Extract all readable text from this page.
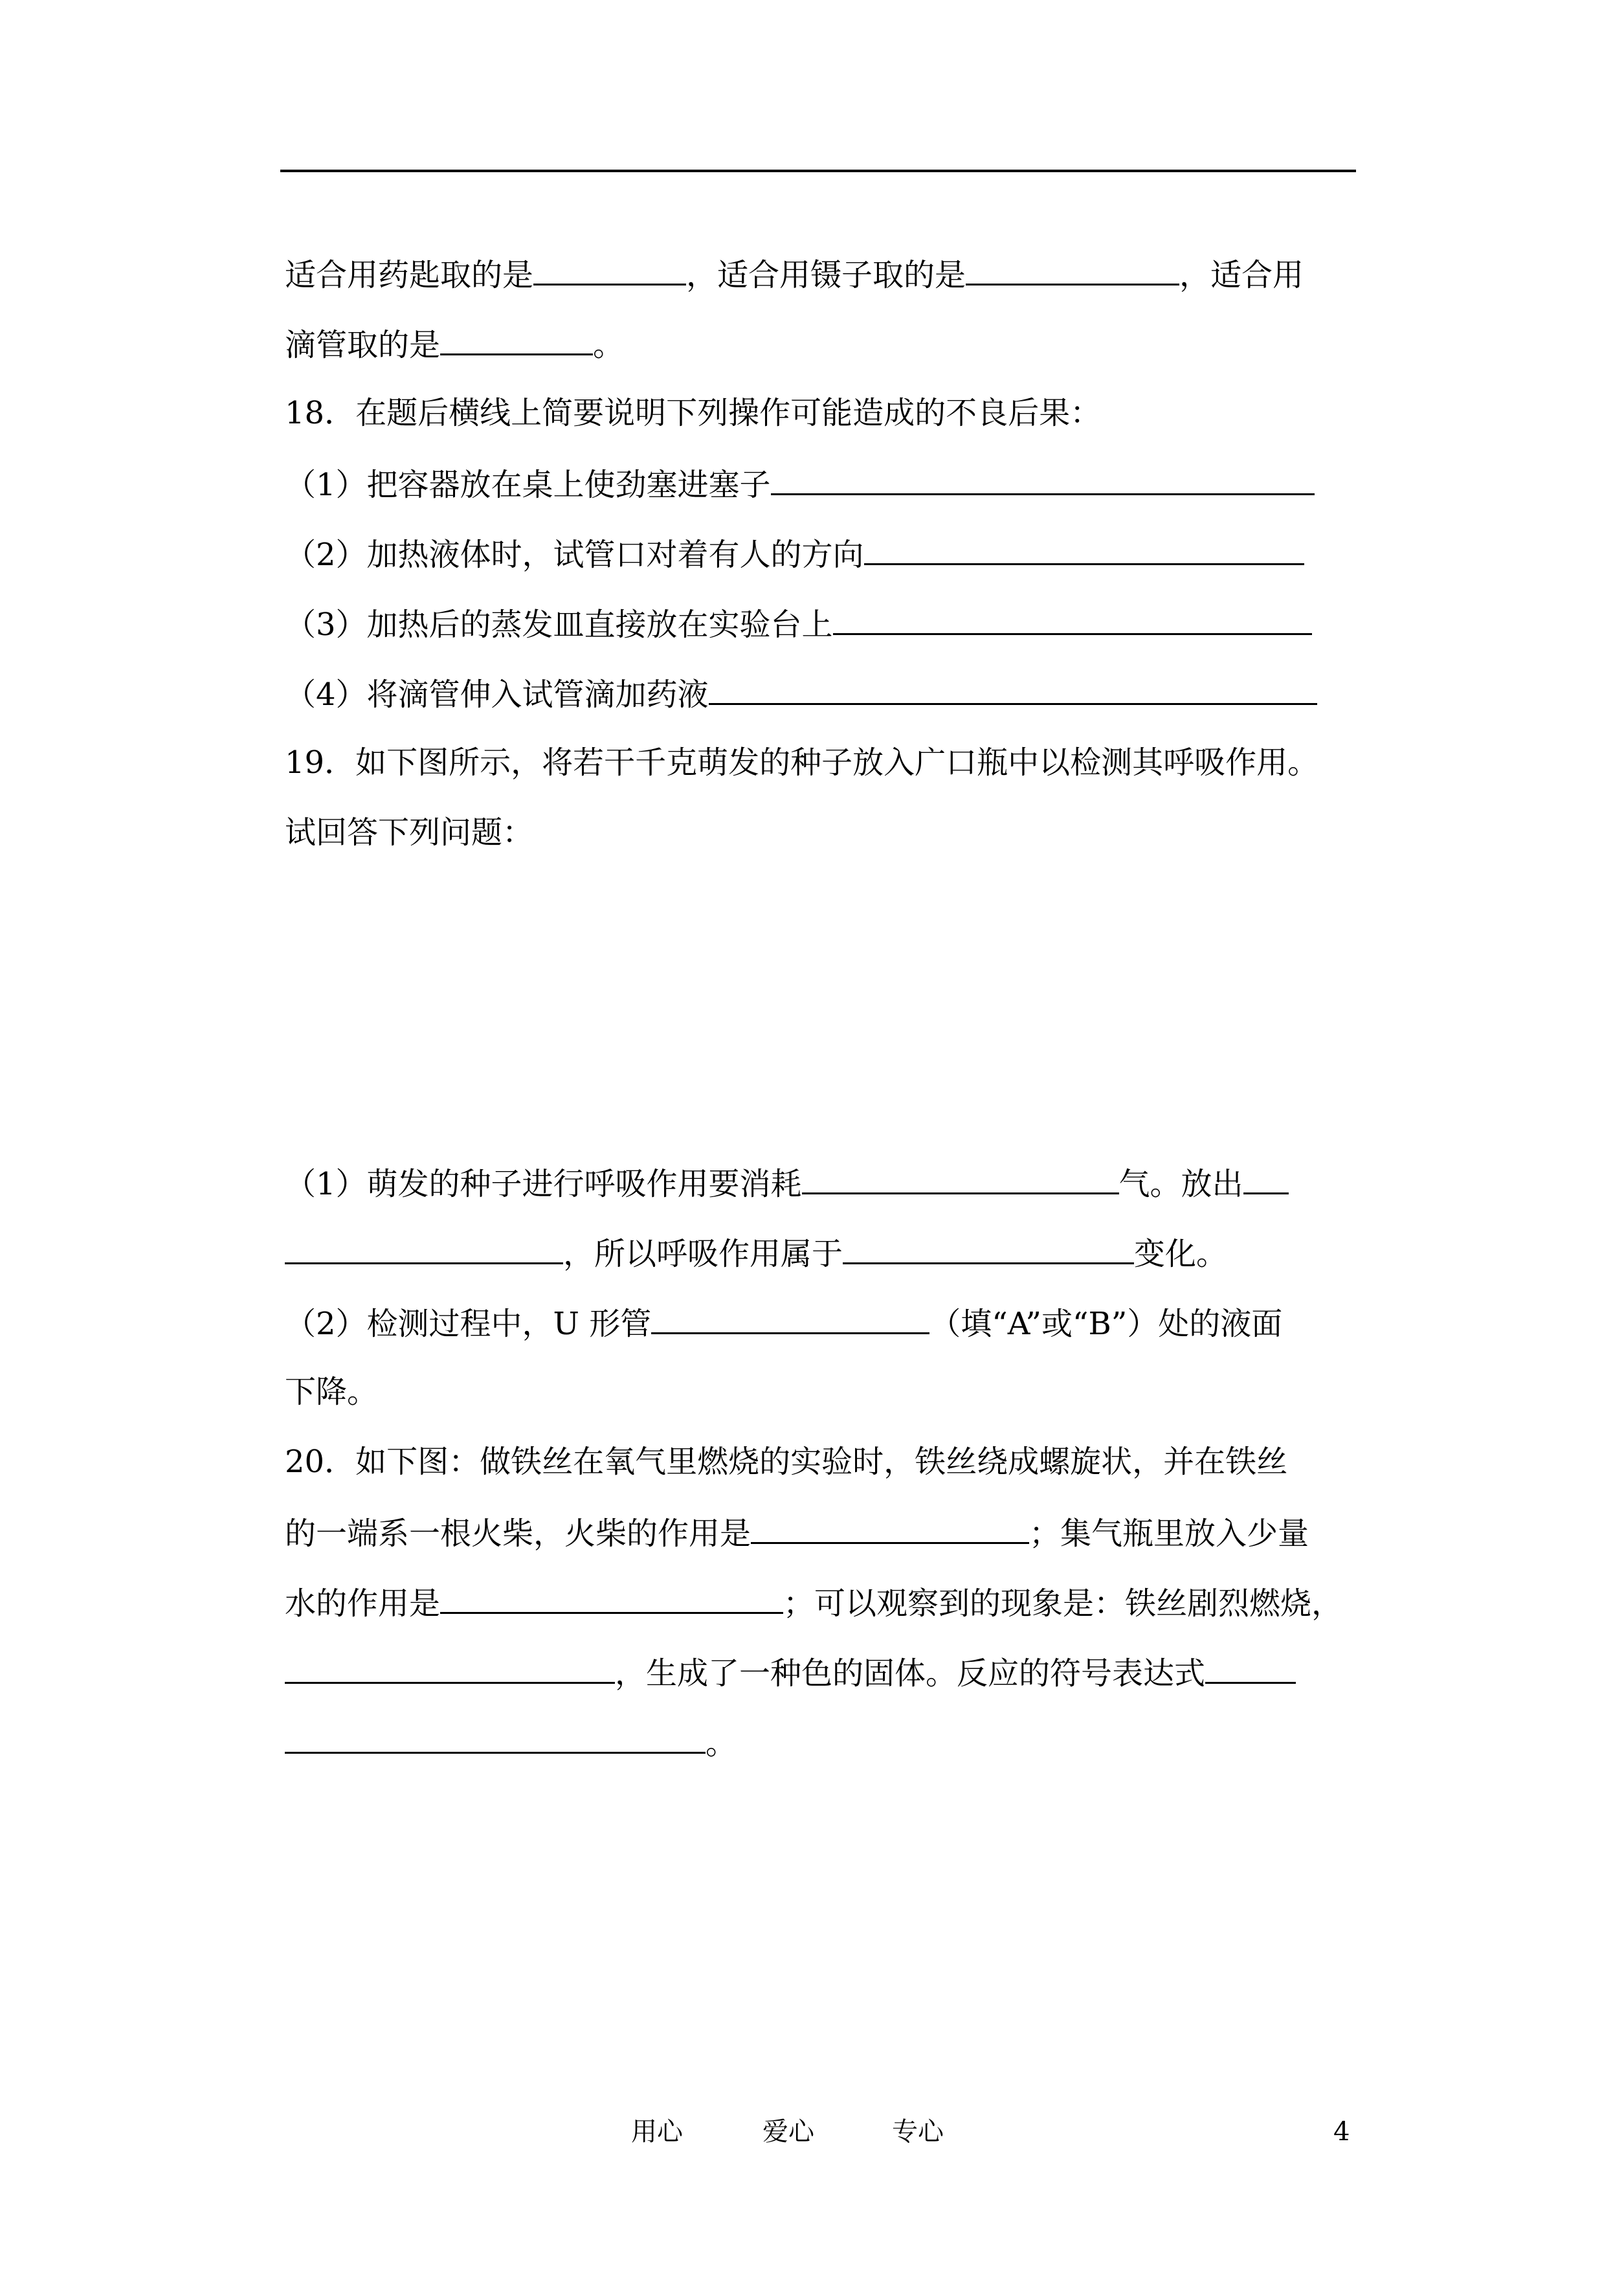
适合用药匙取的是	，适合用镊子取的是	，适合用
滴管取的是	。
18．在题后横线上简要说明下列操作可能造成的不良后果：
（1）把容器放在桌上使劲塞进塞子
（2）加热液体时，试管口对着有人的方向
（3）加热后的蒸发皿直接放在实验台上
（4）将滴管伸入试管滴加药液
19．如下图所示，将若干千克萌发的种子放入广口瓶中以检测其呼吸作用。
试回答下列问题：
（1）萌发的种子进行呼吸作用要消耗	气。放出
，所以呼吸作用属于	变化。
（2）检测过程中，U 形管	（填“A”或“B”）处的液面
下降。
20．如下图：做铁丝在氧气里燃烧的实验时，铁丝绕成螺旋状，并在铁丝
的一端系一根火柴，火柴的作用是	；集气瓶里放入少量
水的作用是	；可以观察到的现象是：铁丝剧烈燃烧，
，生成了一种色的固体。反应的符号表达式
。
用心	爱心	专心	4
